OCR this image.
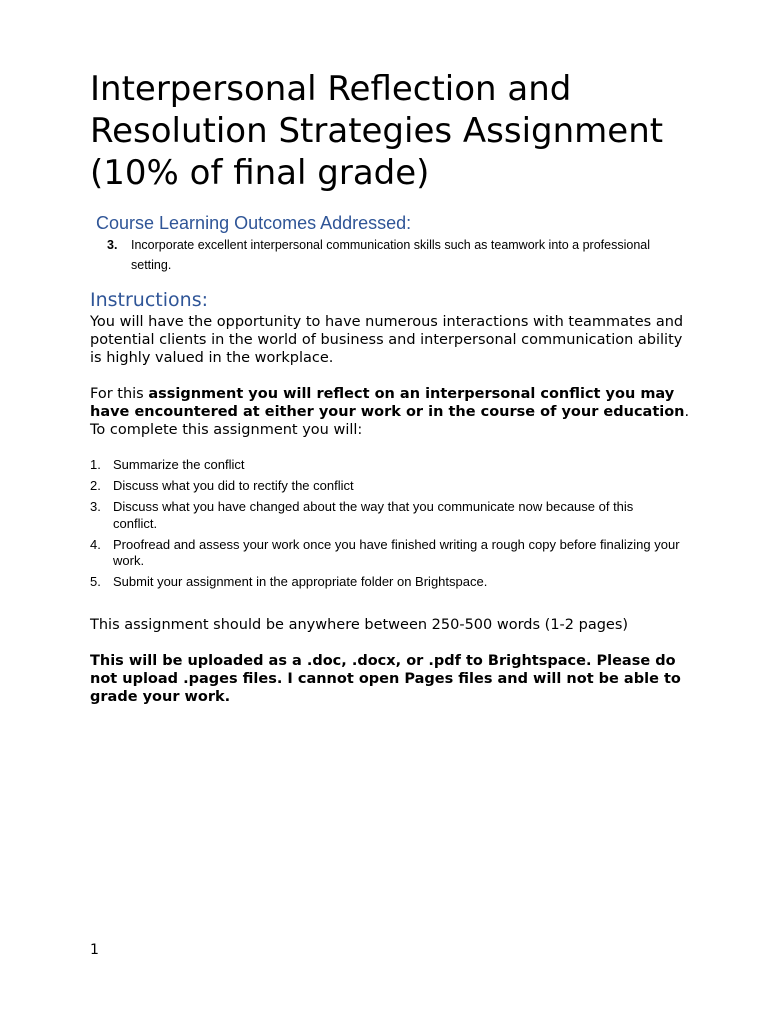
Interpersonal Reflection and Resolution Strategies Assignment (10% of final grade)
Course Learning Outcomes Addressed:
3. Incorporate excellent interpersonal communication skills such as teamwork into a professional setting.
Instructions:

You will have the opportunity to have numerous interactions with teammates and potential clients in the world of business and interpersonal communication ability is highly valued in the workplace.

For this assignment you will reflect on an interpersonal conflict you may have encountered at either your work or in the course of your education. To complete this assignment you will:

1. Summarize the conflict
2. Discuss what you did to rectify the conflict
3. Discuss what you have changed about the way that you communicate now because of this conflict.
4. Proofread and assess your work once you have finished writing a rough copy before finalizing your work.
5. Submit your assignment in the appropriate folder on Brightspace.

This assignment should be anywhere between 250-500 words (1-2 pages)

This will be uploaded as a .doc, .docx, or .pdf to Brightspace. Please do not upload .pages files. I cannot open Pages files and will not be able to grade your work.

1
